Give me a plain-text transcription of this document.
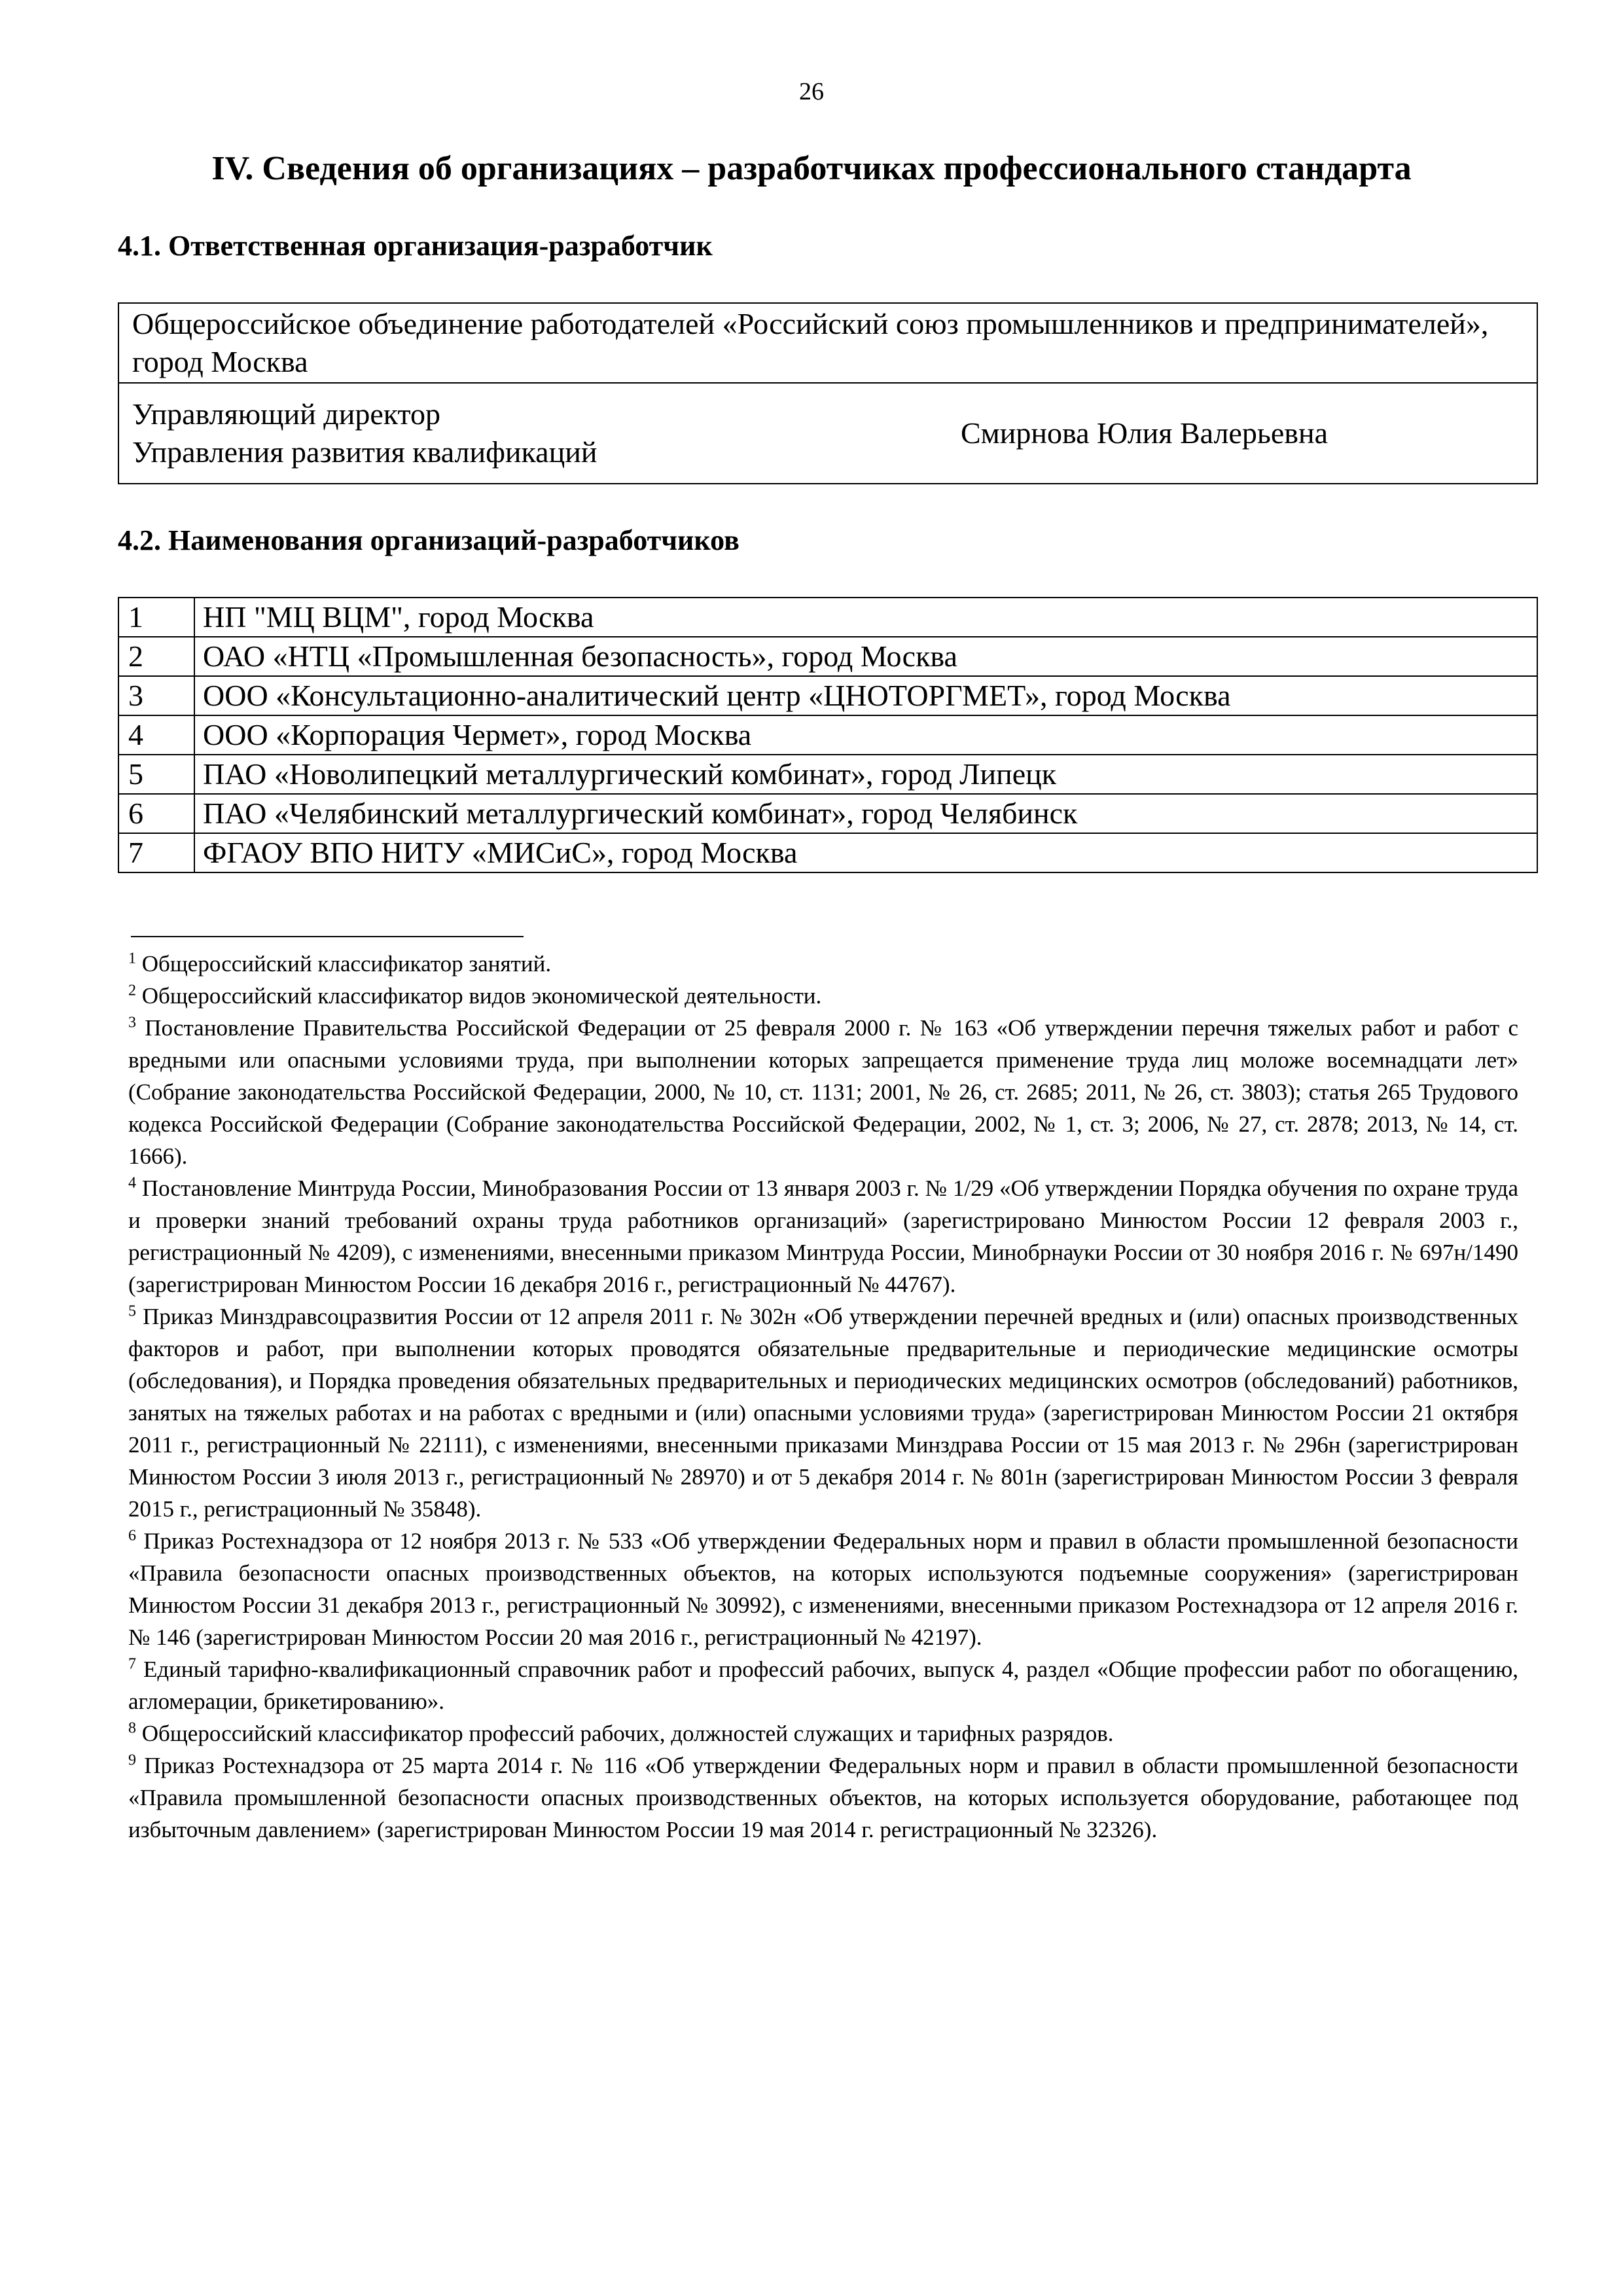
26
IV. Сведения об организациях – разработчиках профессионального стандарта
4.1. Ответственная организация-разработчик
Общероссийское объединение работодателей «Российский союз промышленников и предпринимателей», город Москва

Управляющий директор
Управления развития квалификаций
	Смирнова Юлия Валерьевна
4.2. Наименования организаций-разработчиков
1	НП "МЦ ВЦМ", город Москва
2	ОАО «НТЦ «Промышленная безопасность», город Москва
3	ООО «Консультационно-аналитический центр «ЦНОТОРГМЕТ», город Москва
4	ООО «Корпорация Чермет», город Москва
5	ПАО «Новолипецкий металлургический комбинат», город Липецк
6	ПАО «Челябинский металлургический комбинат», город Челябинск
7	ФГАОУ ВПО НИТУ «МИСиС», город Москва

$^1$ Общероссийский классификатор занятий.

$^2$ Общероссийский классификатор видов экономической деятельности.

$^3$ Постановление Правительства Российской Федерации от 25 февраля 2000 г. № 163 «Об утверждении перечня тяжелых работ и работ с вредными или опасными условиями труда, при выполнении которых запрещается применение труда лиц моложе восемнадцати лет» (Собрание законодательства Российской Федерации, 2000, № 10, ст. 1131; 2001, № 26, ст. 2685; 2011, № 26, ст. 3803); статья 265 Трудового кодекса Российской Федерации (Собрание законодательства Российской Федерации, 2002, № 1, ст. 3; 2006, № 27, ст. 2878; 2013, № 14, ст. 1666).

$^4$ Постановление Минтруда России, Минобразования России от 13 января 2003 г. № 1/29 «Об утверждении Порядка обучения по охране труда и проверки знаний требований охраны труда работников организаций» (зарегистрировано Минюстом России 12 февраля 2003 г., регистрационный № 4209), с изменениями, внесенными приказом Минтруда России, Минобрнауки России от 30 ноября 2016 г. № 697н/1490 (зарегистрирован Минюстом России 16 декабря 2016 г., регистрационный № 44767).

$^5$ Приказ Минздравсоцразвития России от 12 апреля 2011 г. № 302н «Об утверждении перечней вредных и (или) опасных производственных факторов и работ, при выполнении которых проводятся обязательные предварительные и периодические медицинские осмотры (обследования), и Порядка проведения обязательных предварительных и периодических медицинских осмотров (обследований) работников, занятых на тяжелых работах и на работах с вредными и (или) опасными условиями труда» (зарегистрирован Минюстом России 21 октября 2011 г., регистрационный № 22111), с изменениями, внесенными приказами Минздрава России от 15 мая 2013 г. № 296н (зарегистрирован Минюстом России 3 июля 2013 г., регистрационный № 28970) и от 5 декабря 2014 г. № 801н (зарегистрирован Минюстом России 3 февраля 2015 г., регистрационный № 35848).

$^6$ Приказ Ростехнадзора от 12 ноября 2013 г. № 533 «Об утверждении Федеральных норм и правил в области промышленной безопасности «Правила безопасности опасных производственных объектов, на которых используются подъемные сооружения» (зарегистрирован Минюстом России 31 декабря 2013 г., регистрационный № 30992), с изменениями, внесенными приказом Ростехнадзора от 12 апреля 2016 г. № 146 (зарегистрирован Минюстом России 20 мая 2016 г., регистрационный № 42197).

$^7$ Единый тарифно-квалификационный справочник работ и профессий рабочих, выпуск 4, раздел «Общие профессии работ по обогащению, агломерации, брикетированию».

$^8$ Общероссийский классификатор профессий рабочих, должностей служащих и тарифных разрядов.

$^9$ Приказ Ростехнадзора от 25 марта 2014 г. № 116 «Об утверждении Федеральных норм и правил в области промышленной безопасности «Правила промышленной безопасности опасных производственных объектов, на которых используется оборудование, работающее под избыточным давлением» (зарегистрирован Минюстом России 19 мая 2014 г. регистрационный № 32326).
